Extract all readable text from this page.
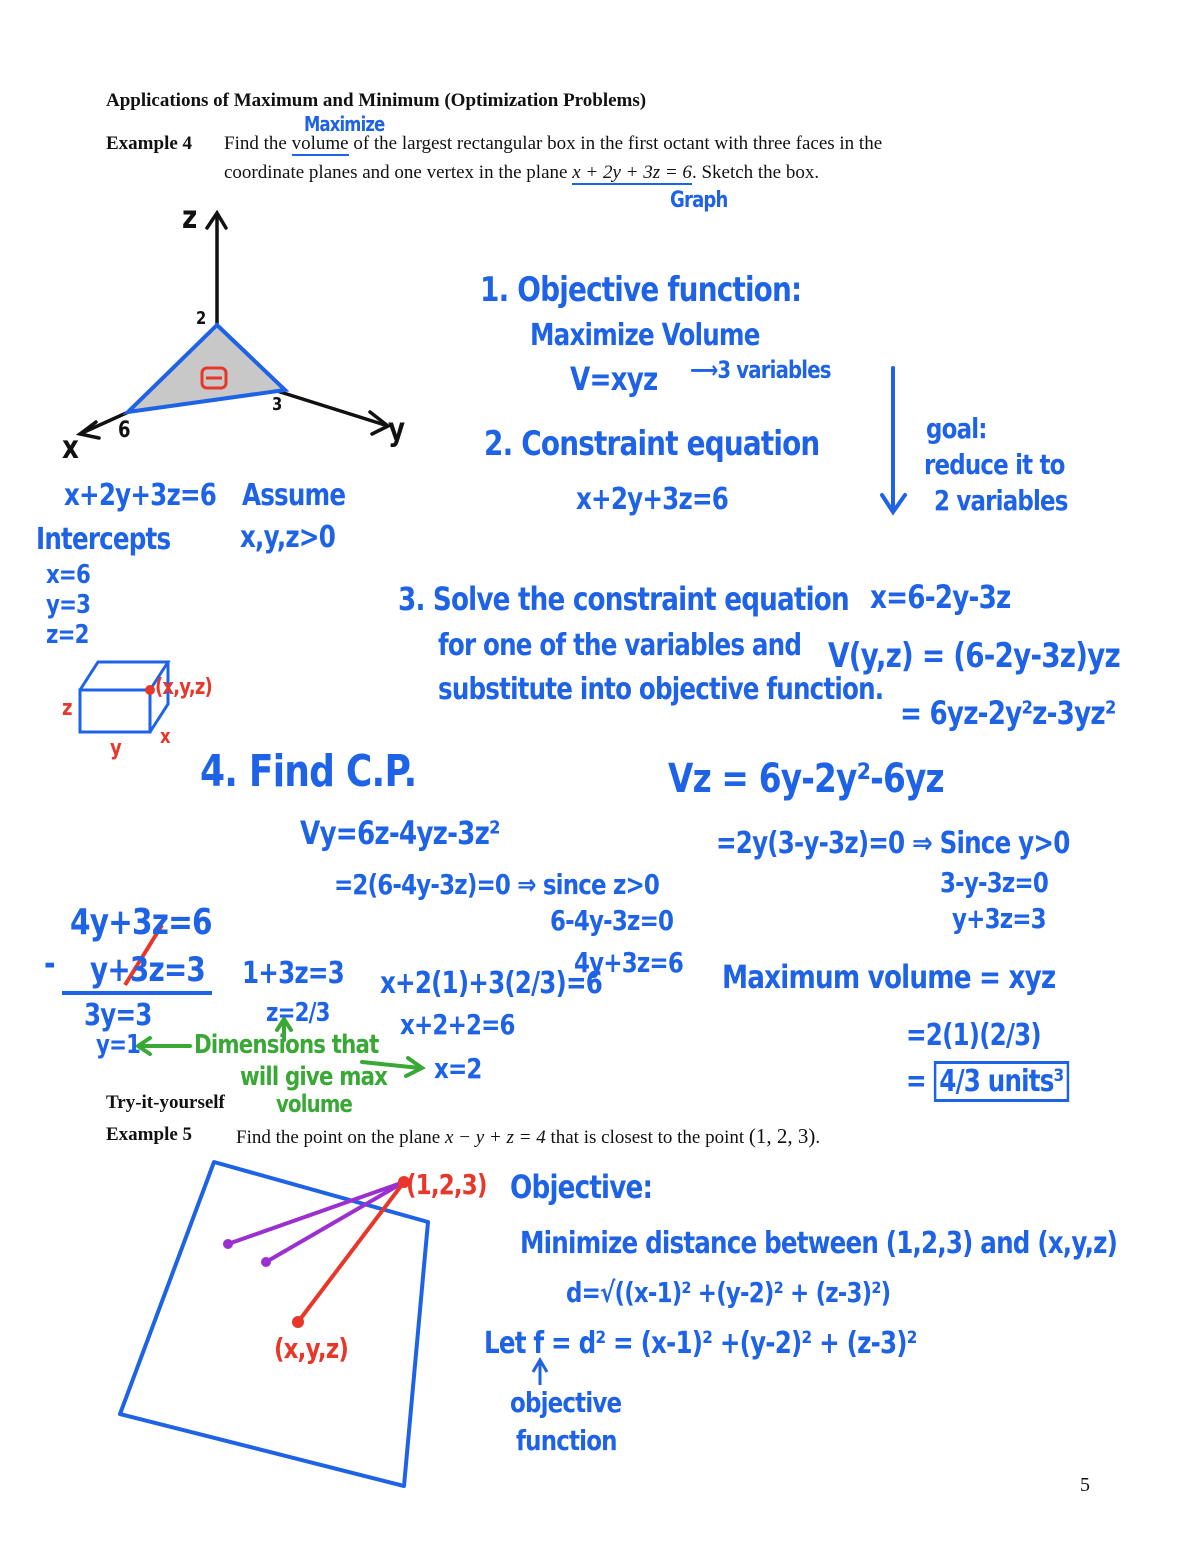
Applications of Maximum and Minimum (Optimization Problems)
Example 4 Find the volume of the largest rectangular box in the first octant with three faces in the
coordinate planes and one vertex in the plane x + 2y + 3z = 6. Sketch the box.
Maximize
Graph
z
y
x
2
3
6
x+2y+3z=6 Assume
x,y,z>0
Intercepts
x=6
y=3
z=2
(x,y,z)
z
y x
1. Objective function:
Maximize Volume
V=xyz ⟶3 variables
2. Constraint equation
x+2y+3z=6
goal:
reduce it to
2 variables
3. Solve the constraint equation
for one of the variables and
substitute into objective function.
x=6-2y-3z
V(y,z) = (6-2y-3z)yz
= 6yz-2y²z-3yz²
4. Find C.P.
Vy=6z-4yz-3z²
=2(6-4y-3z)=0 ⇒ since z>0
6-4y-3z=0
4y+3z=6
Vz = 6y-2y²-6yz
=2y(3-y-3z)=0 ⇒ Since y>0
3-y-3z=0
y+3z=3
4y+3z=6
- y+3z=3
3y=3
y=1
1+3z=3
z=2/3
x+2(1)+3(2/3)=6
x+2+2=6
x=2
Dimensions that
will give max
volume
Maximum volume = xyz
=2(1)(2/3)
= 4/3 units³
Try-it-yourself
Example 5 Find the point on the plane x − y + z = 4 that is closest to the point (1, 2, 3).
(1,2,3)
(x,y,z)
Objective:
Minimize distance between (1,2,3) and (x,y,z)
d=√((x-1)² +(y-2)² + (z-3)²)
Let f = d² = (x-1)² +(y-2)² + (z-3)²
objective
function
5
